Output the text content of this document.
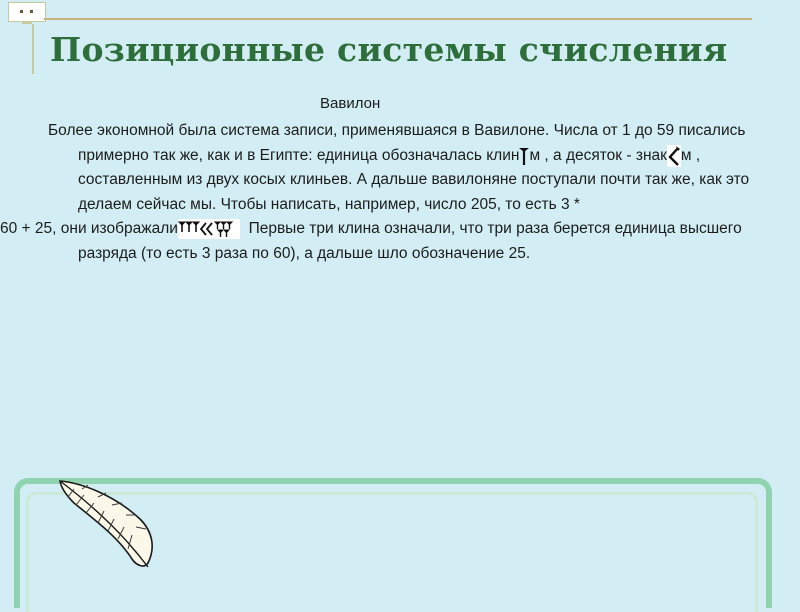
Позиционные системы счисления
Вавилон

Более экономной была система записи, применявшаяся в Вавилоне. Числа от 1 до 59 писались примерно так же, как и в Египте: единица обозначалась клин м , а десяток - знак м , составленным из двух косых клиньев. А дальше вавилоняне поступали почти так же, как это делаем сейчас мы. Чтобы написать, например, число 205, то есть 3 *

60 + 25, они изображали	Первые три клина означали, что три раза берется единица высшего разряда (то есть 3 раза по 60), а дальше шло обозначение 25.
